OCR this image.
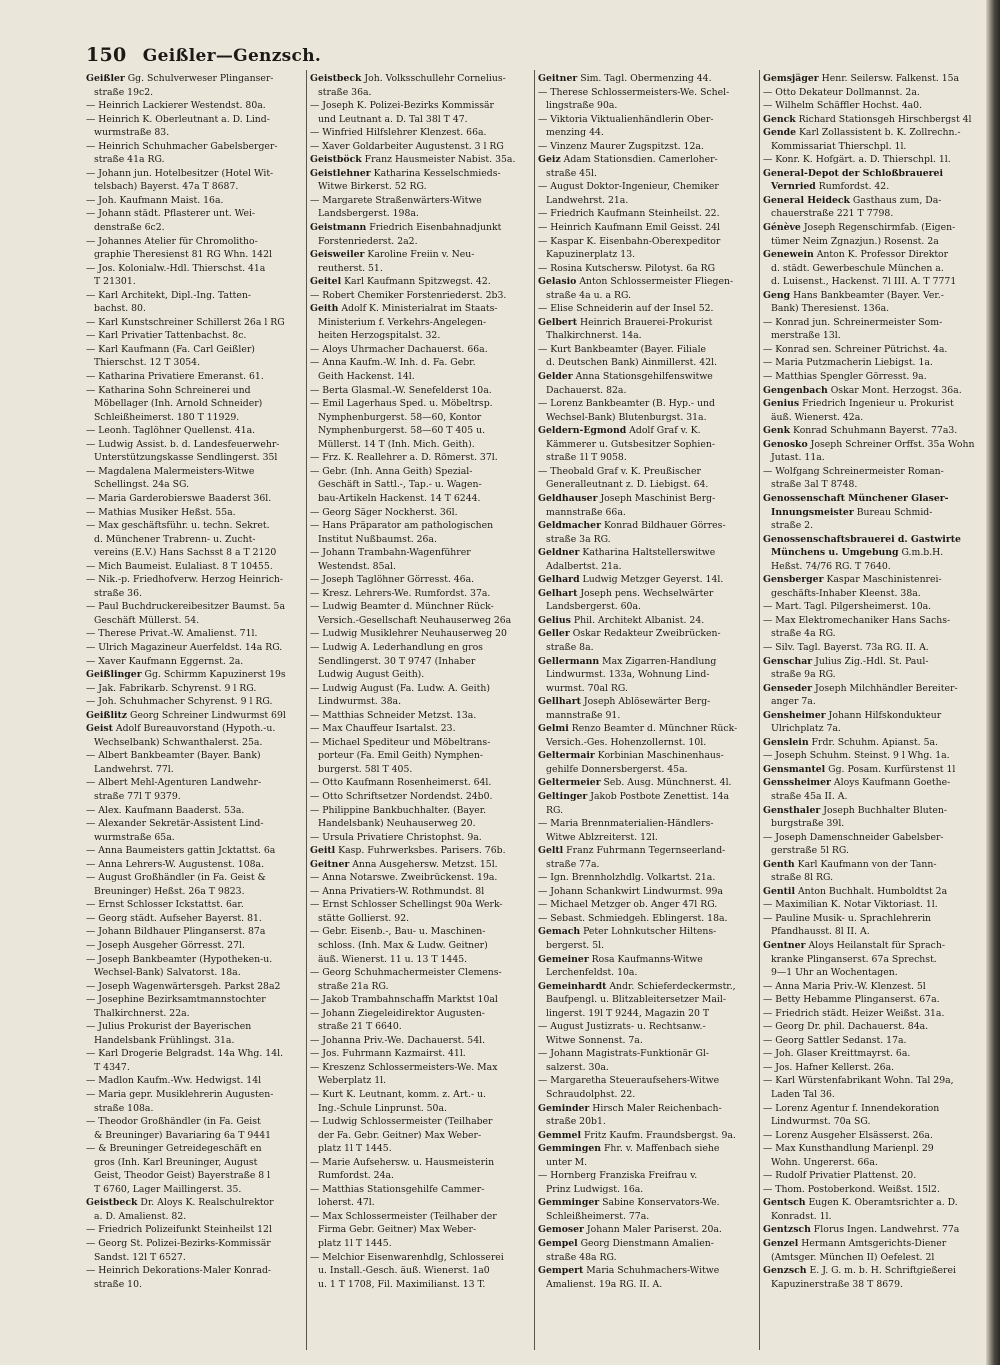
150 Geißler—Genzsch.
Geißler Gg. Schulverweser Plinganser-
straße 19c2.
— Heinrich Lackierer Westendst. 80a.
— Heinrich K. Oberleutnant a. D. Lind-
wurmstraße 83.
— Heinrich Schuhmacher Gabelsberger-
straße 41a RG.
— Johann jun. Hotelbesitzer (Hotel Wit-
telsbach) Bayerst. 47a T 8687.
— Joh. Kaufmann Maist. 16a.
— Johann städt. Pflasterer unt. Wei-
denstraße 6c2.
— Johannes Atelier für Chromolitho-
graphie Theresienst 81 RG Whn. 142l
— Jos. Kolonialw.-Hdl. Thierschst. 41a
T 21301.
— Karl Architekt, Dipl.-Ing. Tatten-
bachst. 80.
— Karl Kunstschreiner Schillerst 26a l RG
— Karl Privatier Tattenbachst. 8c.
— Karl Kaufmann (Fa. Carl Geißler)
Thierschst. 12 T 3054.
— Katharina Privatiere Emeranst. 61.
— Katharina Sohn Schreinerei und
Möbellager (Inh. Arnold Schneider)
Schleißheimerst. 180 T 11929.
— Leonh. Taglöhner Quellenst. 41a.
— Ludwig Assist. b. d. Landesfeuerwehr-
Unterstützungskasse Sendlingerst. 35l
— Magdalena Malermeisters-Witwe
Schellingst. 24a SG.
— Maria Garderobierswe Baaderst 36l.
— Mathias Musiker Heßst. 55a.
— Max geschäftsführ. u. techn. Sekret.
d. Münchener Trabrenn- u. Zucht-
vereins (E.V.) Hans Sachsst 8 a T 2120
— Mich Baumeist. Eulaliast. 8 T 10455.
— Nik.-p. Friedhofverw. Herzog Heinrich-
straße 36.
— Paul Buchdruckereibesitzer Baumst. 5a
Geschäft Müllerst. 54.
— Therese Privat.-W. Amalienst. 71l.
— Ulrich Magazineur Auerfeldst. 14a RG.
— Xaver Kaufmann Eggernst. 2a.
Geißlinger Gg. Schirmm Kapuzinerst 19s
— Jak. Fabrikarb. Schyrenst. 9 l RG.
— Joh. Schuhmacher Schyrenst. 9 l RG.
Geißlitz Georg Schreiner Lindwurmst 69l
Geist Adolf Bureauvorstand (Hypoth.-u.
Wechselbank) Schwanthalerst. 25a.
— Albert Bankbeamter (Bayer. Bank)
Landwehrst. 77l.
— Albert Mehl-Agenturen Landwehr-
straße 77l T 9379.
— Alex. Kaufmann Baaderst. 53a.
— Alexander Sekretär-Assistent Lind-
wurmstraße 65a.
— Anna Baumeisters gattin Jcktattst. 6a
— Anna Lehrers-W. Augustenst. 108a.
— August Großhändler (in Fa. Geist &
Breuninger) Heßst. 26a T 9823.
— Ernst Schlosser Ickstattst. 6ar.
— Georg städt. Aufseher Bayerst. 81.
— Johann Bildhauer Plinganserst. 87a
— Joseph Ausgeher Görresst. 27l.
— Joseph Bankbeamter (Hypotheken-u.
Wechsel-Bank) Salvatorst. 18a.
— Joseph Wagenwärtersgeh. Parkst 28a2
— Josephine Bezirksamtmannstochter
Thalkirchnerst. 22a.
— Julius Prokurist der Bayerischen
Handelsbank Frühlingst. 31a.
— Karl Drogerie Belgradst. 14a Whg. 14l.
T 4347.
— Madlon Kaufm.-Ww. Hedwigst. 14l
— Maria gepr. Musiklehrerin Augusten-
straße 108a.
— Theodor Großhändler (in Fa. Geist
& Breuninger) Bavariaring 6a T 9441
— & Breuninger Getreidegeschäft en
gros (Inh. Karl Breuninger, August
Geist, Theodor Geist) Bayerstraße 8 l
T 6760, Lager Maillingerst. 35.
Geistbeck Dr. Aloys K. Realschulrektor
a. D. Amalienst. 82.
— Friedrich Polizeifunkt Steinheilst 12l
— Georg St. Polizei-Bezirks-Kommissär
Sandst. 12l T 6527.
— Heinrich Dekorations-Maler Konrad-
straße 10.
Geistbeck Joh. Volksschullehr Cornelius-
straße 36a.
— Joseph K. Polizei-Bezirks Kommissär
und Leutnant a. D. Tal 38l T 47.
— Winfried Hilfslehrer Klenzest. 66a.
— Xaver Goldarbeiter Augustenst. 3 l RG
Geistböck Franz Hausmeister Nabist. 35a.
Geistlehner Katharina Kesselschmieds-
Witwe Birkerst. 52 RG.
— Margarete Straßenwärters-Witwe
Landsbergerst. 198a.
Geistmann Friedrich Eisenbahnadjunkt
Forstenriederst. 2a2.
Geisweiler Karoline Freiin v. Neu-
reutherst. 51.
Geitel Karl Kaufmann Spitzwegst. 42.
— Robert Chemiker Forstenriederst. 2b3.
Geith Adolf K. Ministerialrat im Staats-
Ministerium f. Verkehrs-Angelegen-
heiten Herzogspitalst. 32.
— Aloys Uhrmacher Dachauerst. 66a.
— Anna Kaufm.-W. Inh. d. Fa. Gebr.
Geith Hackenst. 14l.
— Berta Glasmal.-W. Senefelderst 10a.
— Emil Lagerhaus Sped. u. Möbeltrsp.
Nymphenburgerst. 58—60, Kontor
Nymphenburgerst. 58—60 T 405 u.
Müllerst. 14 T (Inh. Mich. Geith).
— Frz. K. Reallehrer a. D. Römerst. 37l.
— Gebr. (Inh. Anna Geith) Spezial-
Geschäft in Sattl.-, Tap.- u. Wagen-
bau-Artikeln Hackenst. 14 T 6244.
— Georg Säger Nockherst. 36l.
— Hans Präparator am pathologischen
Institut Nußbaumst. 26a.
— Johann Trambahn-Wagenführer
Westendst. 85al.
— Joseph Taglöhner Görresst. 46a.
— Kresz. Lehrers-We. Rumfordst. 37a.
— Ludwig Beamter d. Münchner Rück-
Versich.-Gesellschaft Neuhauserweg 26a
— Ludwig Musiklehrer Neuhauserweg 20
— Ludwig A. Lederhandlung en gros
Sendlingerst. 30 T 9747 (Inhaber
Ludwig August Geith).
— Ludwig August (Fa. Ludw. A. Geith)
Lindwurmst. 38a.
— Matthias Schneider Metzst. 13a.
— Max Chauffeur Isartalst. 23.
— Michael Spediteur und Möbeltrans-
porteur (Fa. Emil Geith) Nymphen-
burgerst. 58l T 405.
— Otto Kaufmann Rosenheimerst. 64l.
— Otto Schriftsetzer Nordendst. 24b0.
— Philippine Bankbuchhalter. (Bayer.
Handelsbank) Neuhauserweg 20.
— Ursula Privatiere Christophst. 9a.
Geitl Kasp. Fuhrwerksbes. Parisers. 76b.
Geitner Anna Ausgehersw. Metzst. 15l.
— Anna Notarswe. Zweibrückenst. 19a.
— Anna Privatiers-W. Rothmundst. 8l
— Ernst Schlosser Schellingst 90a Werk-
stätte Gollierst. 92.
— Gebr. Eisenb.-, Bau- u. Maschinen-
schloss. (Inh. Max & Ludw. Geitner)
äuß. Wienerst. 11 u. 13 T 1445.
— Georg Schuhmachermeister Clemens-
straße 21a RG.
— Jakob Trambahnschaffn Marktst 10al
— Johann Ziegeleidirektor Augusten-
straße 21 T 6640.
— Johanna Priv.-We. Dachauerst. 54l.
— Jos. Fuhrmann Kazmairst. 41l.
— Kreszenz Schlossermeisters-We. Max
Weberplatz 1l.
— Kurt K. Leutnant, komm. z. Art.- u.
Ing.-Schule Linprunst. 50a.
— Ludwig Schlossermeister (Teilhaber
der Fa. Gebr. Geitner) Max Weber-
platz 1l T 1445.
— Marie Aufsehersw. u. Hausmeisterin
Rumfordst. 24a.
— Matthias Stationsgehilfe Cammer-
loherst. 47l.
— Max Schlossermeister (Teilhaber der
Firma Gebr. Geitner) Max Weber-
platz 1l T 1445.
— Melchior Eisenwarenhdlg, Schlosserei
u. Install.-Gesch. äuß. Wienerst. 1a0
u. 1 T 1708, Fil. Maximilianst. 13 T.
Geitner Sim. Tagl. Obermenzing 44.
— Therese Schlossermeisters-We. Schel-
lingstraße 90a.
— Viktoria Viktualienhändlerin Ober-
menzing 44.
— Vinzenz Maurer Zugspitzst. 12a.
Geiz Adam Stationsdien. Camerloher-
straße 45l.
— August Doktor-Ingenieur, Chemiker
Landwehrst. 21a.
— Friedrich Kaufmann Steinheilst. 22.
— Heinrich Kaufmann Emil Geisst. 24l
— Kaspar K. Eisenbahn-Oberexpeditor
Kapuzinerplatz 13.
— Rosina Kutschersw. Pilotyst. 6a RG
Gelasio Anton Schlossermeister Fliegen-
straße 4a u. a RG.
— Elise Schneiderin auf der Insel 52.
Gelbert Heinrich Brauerei-Prokurist
Thalkirchnerst. 14a.
— Kurt Bankbeamter (Bayer. Filiale
d. Deutschen Bank) Ainmillerst. 42l.
Gelder Anna Stationsgehilfenswitwe
Dachauerst. 82a.
— Lorenz Bankbeamter (B. Hyp.- und
Wechsel-Bank) Blutenburgst. 31a.
Geldern-Egmond Adolf Graf v. K.
Kämmerer u. Gutsbesitzer Sophien-
straße 1l T 9058.
— Theobald Graf v. K. Preußischer
Generalleutnant z. D. Liebigst. 64.
Geldhauser Joseph Maschinist Berg-
mannstraße 66a.
Geldmacher Konrad Bildhauer Görres-
straße 3a RG.
Geldner Katharina Haltstellerswitwe
Adalbertst. 21a.
Gelhard Ludwig Metzger Geyerst. 14l.
Gelhart Joseph pens. Wechselwärter
Landsbergerst. 60a.
Gelius Phil. Architekt Albanist. 24.
Geller Oskar Redakteur Zweibrücken-
straße 8a.
Gellermann Max Zigarren-Handlung
Lindwurmst. 133a, Wohnung Lind-
wurmst. 70al RG.
Gellhart Joseph Ablösewärter Berg-
mannstraße 91.
Gelmi Renzo Beamter d. Münchner Rück-
Versich.-Ges. Hohenzollernst. 10l.
Geltermair Korbinian Maschinenhaus-
gehilfe Donnersbergerst. 45a.
Geltermeier Seb. Ausg. Münchnerst. 4l.
Geltinger Jakob Postbote Zenettist. 14a
RG.
— Maria Brennmaterialien-Händlers-
Witwe Ablzreiterst. 12l.
Geltl Franz Fuhrmann Tegernseerland-
straße 77a.
— Ign. Brennholzhdlg. Volkartst. 21a.
— Johann Schankwirt Lindwurmst. 99a
— Michael Metzger ob. Anger 47l RG.
— Sebast. Schmiedgeh. Eblingerst. 18a.
Gemach Peter Lohnkutscher Hiltens-
bergerst. 5l.
Gemeiner Rosa Kaufmanns-Witwe
Lerchenfeldst. 10a.
Gemeinhardt Andr. Schieferdeckermstr.,
Baufpengl. u. Blitzableitersetzer Mail-
lingerst. 19l T 9244, Magazin 20 T
— August Justizrats- u. Rechtsanw.-
Witwe Sonnenst. 7a.
— Johann Magistrats-Funktionär Gl-
salzerst. 30a.
— Margaretha Steueraufsehers-Witwe
Schraudolphst. 22.
Geminder Hirsch Maler Reichenbach-
straße 20b1.
Gemmel Fritz Kaufm. Fraundsbergst. 9a.
Gemmingen Fhr. v. Maffenbach siehe
unter M.
— Hornberg Franziska Freifrau v.
Prinz Ludwigst. 16a.
Gemminger Sabine Konservators-We.
Schleißheimerst. 77a.
Gemoser Johann Maler Pariserst. 20a.
Gempel Georg Dienstmann Amalien-
straße 48a RG.
Gempert Maria Schuhmachers-Witwe
Amalienst. 19a RG. II. A.
Gemsjäger Henr. Seilersw. Falkenst. 15a
— Otto Dekateur Dollmannst. 2a.
— Wilhelm Schäffler Hochst. 4a0.
Genck Richard Stationsgeh Hirschbergst 4l
Gende Karl Zollassistent b. K. Zollrechn.-
Kommissariat Thierschpl. 1l.
— Konr. K. Hofgärt. a. D. Thierschpl. 1l.
General-Depot der Schloßbrauerei
Vernried Rumfordst. 42.
General Heideck Gasthaus zum, Da-
chauerstraße 221 T 7798.
Génève Joseph Regenschirmfab. (Eigen-
tümer Neim Zgnazjun.) Rosenst. 2a
Genewein Anton K. Professor Direktor
d. städt. Gewerbeschule München a.
d. Luisenst., Hackenst. 7l III. A. T 7771
Geng Hans Bankbeamter (Bayer. Ver.-
Bank) Theresienst. 136a.
— Konrad jun. Schreinermeister Som-
merstraße 13l.
— Konrad sen. Schreiner Pütrichst. 4a.
— Maria Putzmacherin Liebigst. 1a.
— Matthias Spengler Görresst. 9a.
Gengenbach Oskar Mont. Herzogst. 36a.
Genius Friedrich Ingenieur u. Prokurist
äuß. Wienerst. 42a.
Genk Konrad Schuhmann Bayerst. 77a3.
Genosko Joseph Schreiner Orffst. 35a Wohn
Jutast. 11a.
— Wolfgang Schreinermeister Roman-
straße 3al T 8748.
Genossenschaft Münchener Glaser-
Innungsmeister Bureau Schmid-
straße 2.
Genossenschaftsbrauerei d. Gastwirte
Münchens u. Umgebung G.m.b.H.
Heßst. 74/76 RG. T 7640.
Gensberger Kaspar Maschinistenrei-
geschäfts-Inhaber Kleenst. 38a.
— Mart. Tagl. Pilgersheimerst. 10a.
— Max Elektromechaniker Hans Sachs-
straße 4a RG.
— Silv. Tagl. Bayerst. 73a RG. II. A.
Genschar Julius Zig.-Hdl. St. Paul-
straße 9a RG.
Genseder Joseph Milchhändler Bereiter-
anger 7a.
Gensheimer Johann Hilfskondukteur
Ulrichplatz 7a.
Genslein Frdr. Schuhm. Apianst. 5a.
— Joseph Schuhm. Steinst. 9 l Whg. 1a.
Gensmantel Gg. Posam. Kurfürstenst 1l
Genssheimer Aloys Kaufmann Goethe-
straße 45a II. A.
Gensthaler Joseph Buchhalter Bluten-
burgstraße 39l.
— Joseph Damenschneider Gabelsber-
gerstraße 5l RG.
Genth Karl Kaufmann von der Tann-
straße 8l RG.
Gentil Anton Buchhalt. Humboldtst 2a
— Maximilian K. Notar Viktoriast. 1l.
— Pauline Musik- u. Sprachlehrerin
Pfandhausst. 8l II. A.
Gentner Aloys Heilanstalt für Sprach-
kranke Plinganserst. 67a Sprechst.
9—1 Uhr an Wochentagen.
— Anna Maria Priv.-W. Klenzest. 5l
— Betty Hebamme Plinganserst. 67a.
— Friedrich städt. Heizer Weißst. 31a.
— Georg Dr. phil. Dachauerst. 84a.
— Georg Sattler Sedanst. 17a.
— Joh. Glaser Kreittmayrst. 6a.
— Jos. Hafner Kellerst. 26a.
— Karl Würstenfabrikant Wohn. Tal 29a,
Laden Tal 36.
— Lorenz Agentur f. Innendekoration
Lindwurmst. 70a SG.
— Lorenz Ausgeher Elsässerst. 26a.
— Max Kunsthandlung Marienpl. 29
Wohn. Ungererst. 66a.
— Rudolf Privatier Plattenst. 20.
— Thom. Postoberkond. Weißst. 15l2.
Gentsch Eugen K. Oberamtsrichter a. D.
Konradst. 1l.
Gentzsch Florus Ingen. Landwehrst. 77a
Genzel Hermann Amtsgerichts-Diener
(Amtsger. München II) Oefelest. 2l
Genzsch E. J. G. m. b. H. Schriftgießerei
Kapuzinerstraße 38 T 8679.
